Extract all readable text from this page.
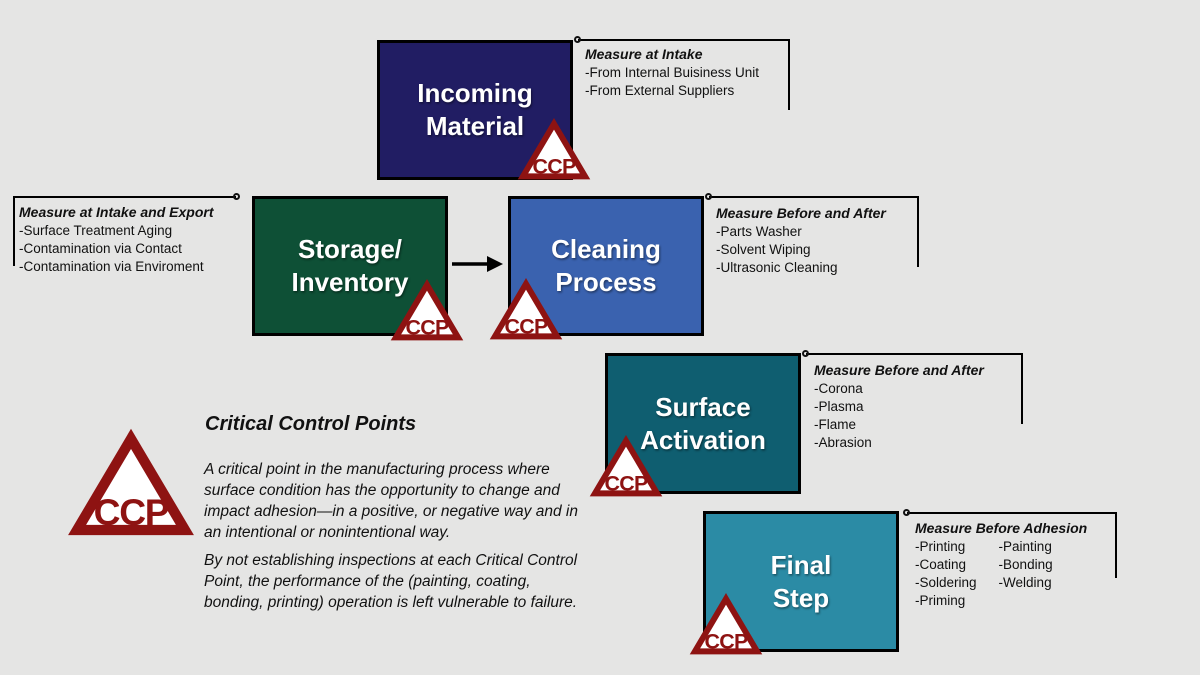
Incoming
Material
Storage/
Inventory
Cleaning
Process
Surface
Activation
Final
Step
CCP
CCP CCP
CCP
CCP
Measure at Intake
-From Internal Buisiness Unit
-From External Suppliers
Measure at Intake and Export
-Surface Treatment Aging
-Contamination via Contact
-Contamination via Enviroment
Measure Before and After
-Parts Washer
-Solvent Wiping
-Ultrasonic Cleaning
Measure Before and After
-Corona
-Plasma
-Flame
-Abrasion
Measure Before Adhesion
-Printing
-Coating
-Soldering
-Priming
-Painting
-Bonding
-Welding
CCP
Critical Control Points
A critical point in the manufacturing process where surface condition has the opportunity to change and impact adhesion—in a positive, or negative way and in an intentional or nonintentional way.
By not establishing inspections at each Critical Control Point, the performance of the (painting, coating, bonding, printing) operation is left vulnerable to failure.
